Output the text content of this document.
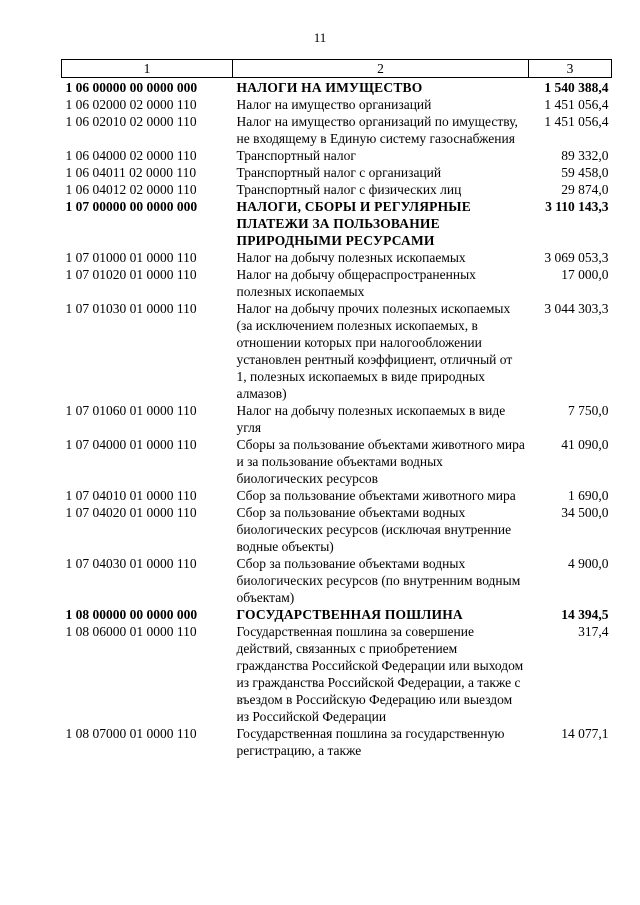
11
1	2	3
1 06 00000 00 0000 000	НАЛОГИ НА ИМУЩЕСТВО	1 540 388,4
1 06 02000 02 0000 110	Налог на имущество организаций	1 451 056,4
1 06 02010 02 0000 110	Налог на имущество организаций по имуществу, не входящему в Единую систему газоснабжения	1 451 056,4
1 06 04000 02 0000 110	Транспортный налог	89 332,0
1 06 04011 02 0000 110	Транспортный налог с организаций	59 458,0
1 06 04012 02 0000 110	Транспортный налог с физических лиц	29 874,0
1 07 00000 00 0000 000	НАЛОГИ, СБОРЫ И РЕГУЛЯРНЫЕ ПЛАТЕЖИ ЗА ПОЛЬЗОВАНИЕ ПРИРОДНЫМИ РЕСУРСАМИ	3 110 143,3
1 07 01000 01 0000 110	Налог на добычу полезных ископаемых	3 069 053,3
1 07 01020 01 0000 110	Налог на добычу общераспространенных полезных ископаемых	17 000,0
1 07 01030 01 0000 110	Налог на добычу прочих полезных ископаемых (за исключением полезных ископаемых, в отношении которых при налогообложении установлен рентный коэффициент, отличный от 1, полезных ископаемых в виде природных алмазов)	3 044 303,3
1 07 01060 01 0000 110	Налог на добычу полезных ископаемых в виде угля	7 750,0
1 07 04000 01 0000 110	Сборы за пользование объектами животного мира и за пользование объектами водных биологических ресурсов	41 090,0
1 07 04010 01 0000 110	Сбор за пользование объектами животного мира	1 690,0
1 07 04020 01 0000 110	Сбор за пользование объектами водных биологических ресурсов (исключая внутренние водные объекты)	34 500,0
1 07 04030 01 0000 110	Сбор за пользование объектами водных биологических ресурсов (по внутренним водным объектам)	4 900,0
1 08 00000 00 0000 000	ГОСУДАРСТВЕННАЯ ПОШЛИНА	14 394,5
1 08 06000 01 0000 110	Государственная пошлина за совершение действий, связанных с приобретением гражданства Российской Федерации или выходом из гражданства Российской Федерации, а также с въездом в Российскую Федерацию или выездом из Российской Федерации	317,4
1 08 07000 01 0000 110	Государственная пошлина за государственную регистрацию, а также	14 077,1
